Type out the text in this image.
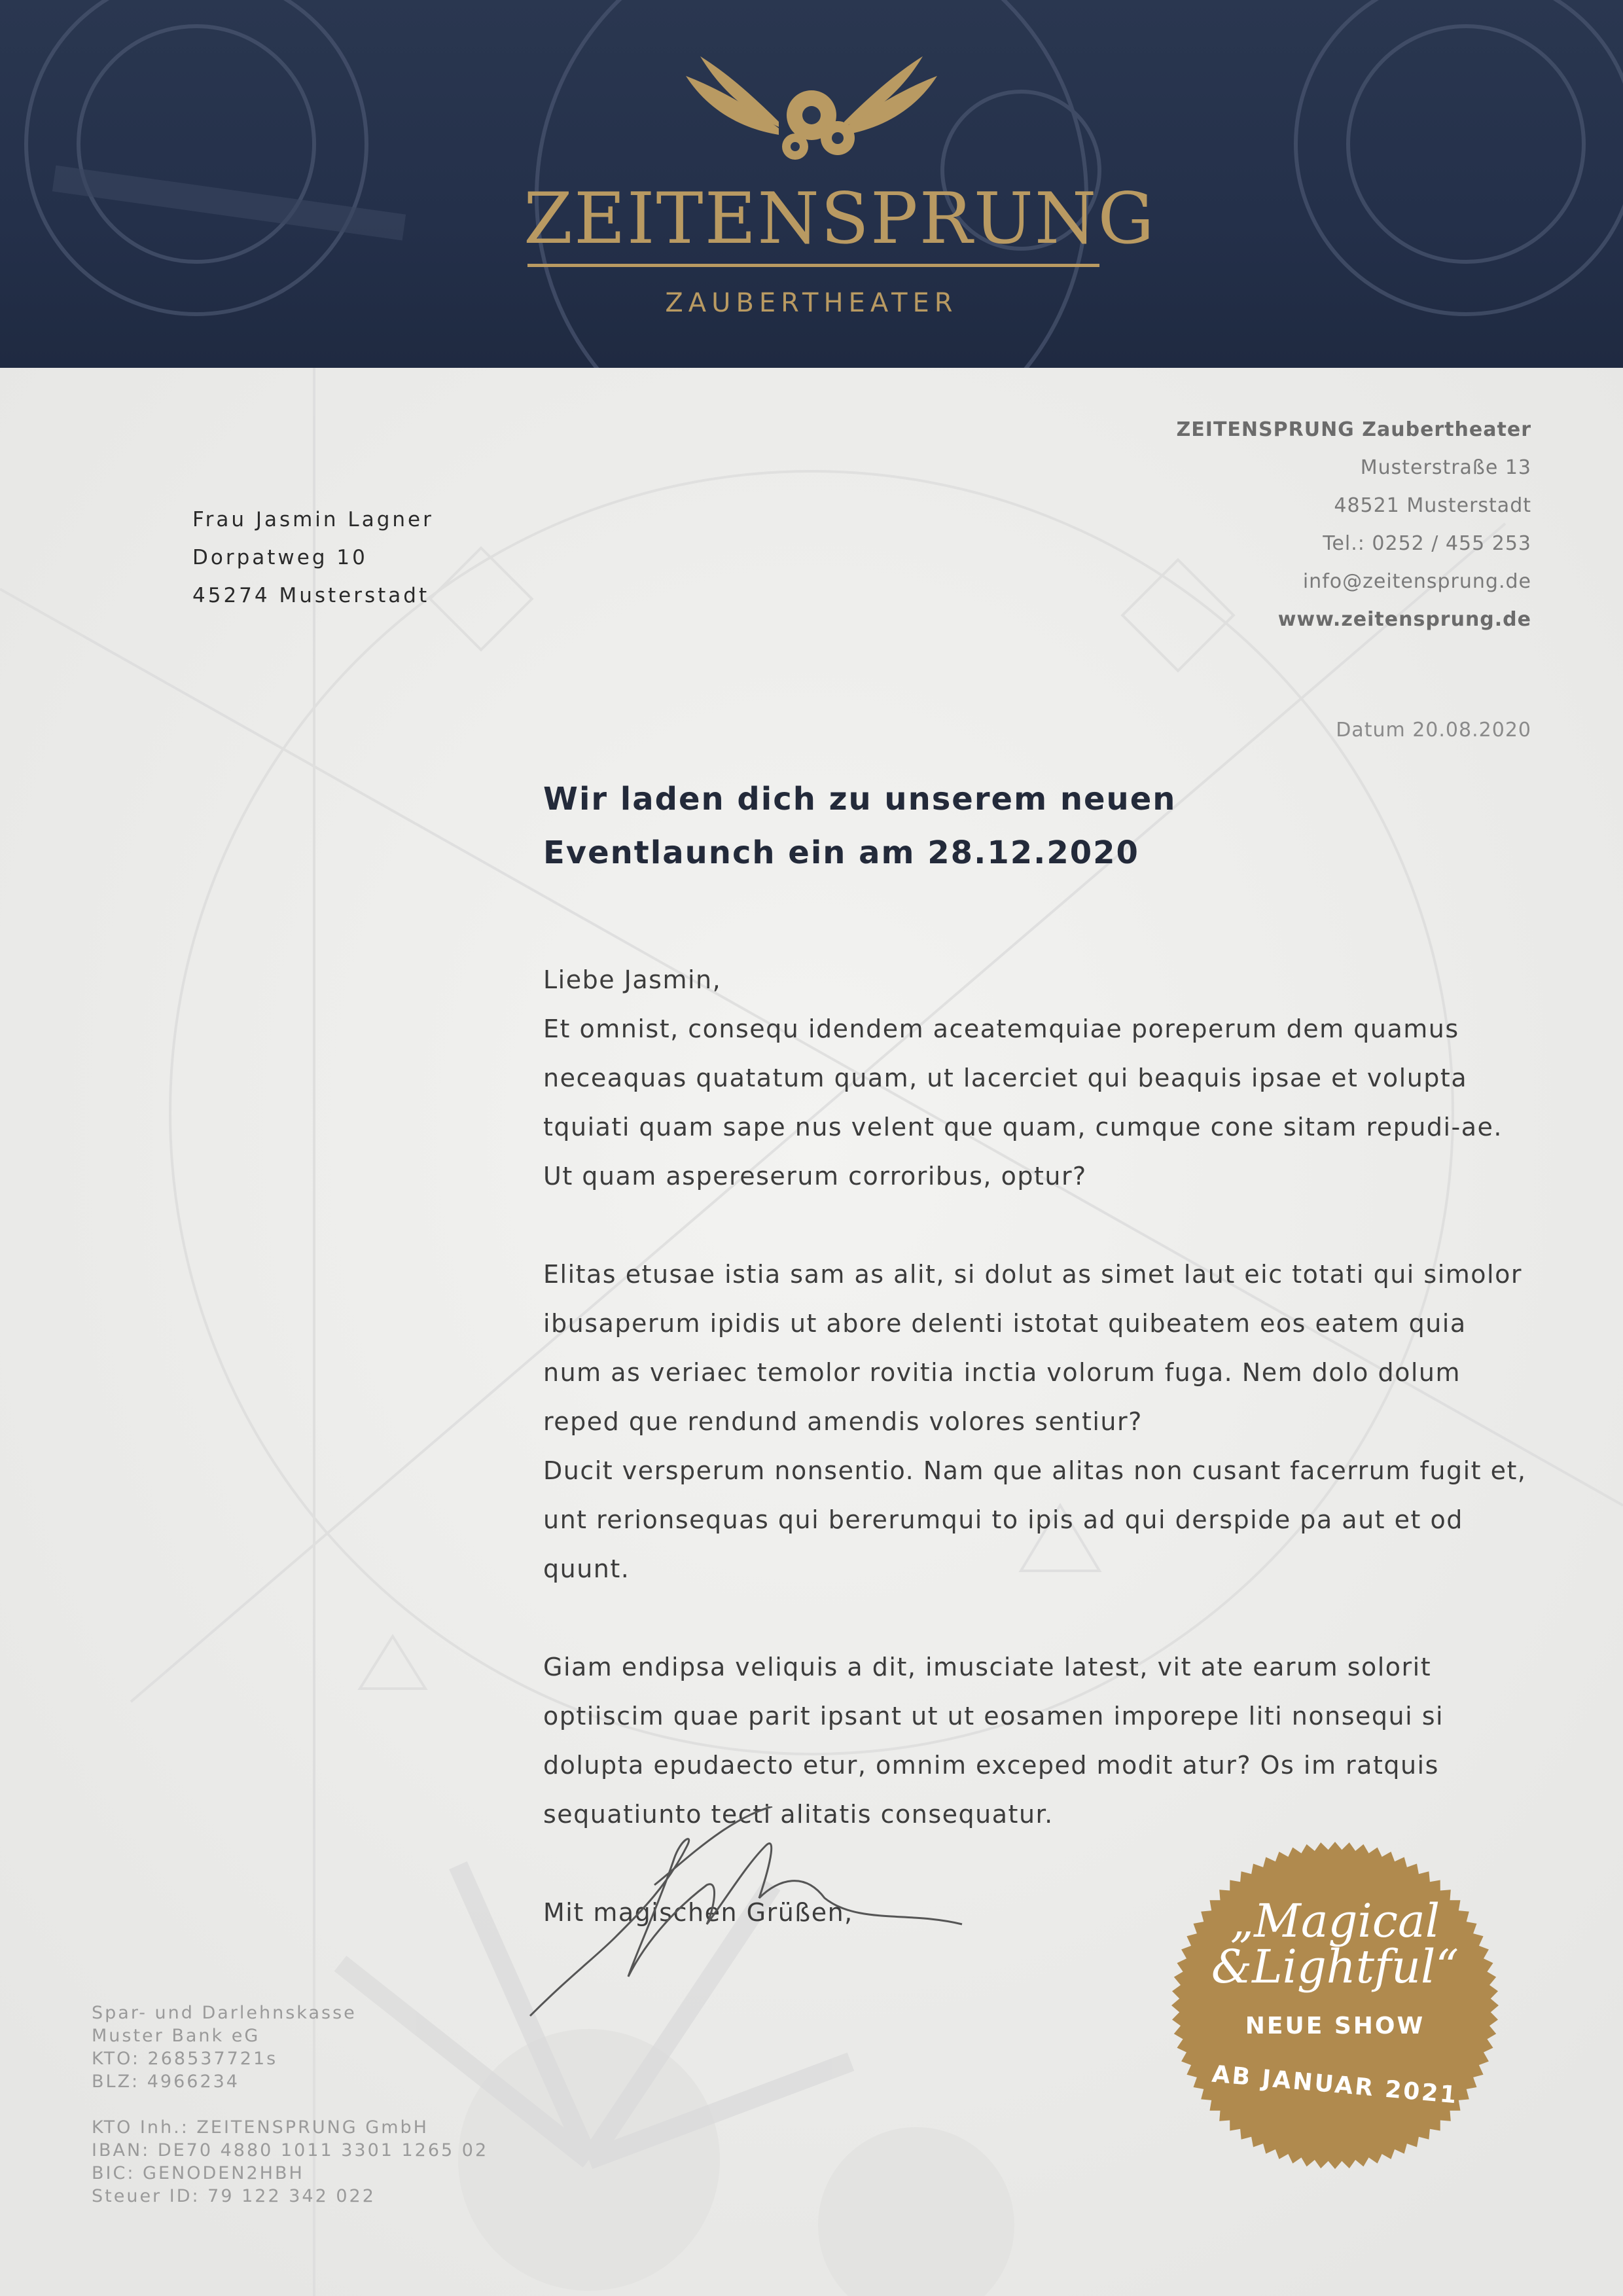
ZEITENSPRUNG
ZAUBERTHEATER
ZEITENSPRUNG Zaubertheater
Musterstraße 13
48521 Musterstadt
Tel.: 0252 / 455 253
info@zeitensprung.de
www.zeitensprung.de
Frau Jasmin Lagner
Dorpatweg 10
45274 Musterstadt
Datum 20.08.2020
Wir laden dich zu unserem neuen
Eventlaunch ein am 28.12.2020
Liebe Jasmin,

Et omnist, consequ idendem aceatemquiae poreperum dem quamus neceaquas quatatum quam, ut lacerciet qui beaquis ipsae et volupta tquiati quam sape nus velent que quam, cumque cone sitam repudi-ae. Ut quam aspereserum corroribus, optur?

Elitas etusae istia sam as alit, si dolut as simet laut eic totati qui simolor ibusaperum ipidis ut abore delenti istotat quibeatem eos eatem quia num as veriaec temolor rovitia inctia volorum fuga. Nem dolo dolum reped que rendund amendis volores sentiur?

Ducit versperum nonsentio. Nam que alitas non cusant facerrum fugit et, unt rerionsequas qui bererumqui to ipis ad qui derspide pa aut et od quunt.

Giam endipsa veliquis a dit, imusciate latest, vit ate earum solorit optiiscim quae parit ipsant ut ut eosamen imporepe liti nonsequi si dolupta epudaecto etur, omnim exceped modit atur? Os im ratquis sequatiunto tecti alitatis consequatur.

Mit magischen Grüßen,
Spar- und Darlehnskasse
Muster Bank eG
KTO: 268537721s
BLZ: 4966234
KTO Inh.: ZEITENSPRUNG GmbH
IBAN: DE70 4880 1011 3301 1265 02
BIC: GENODEN2HBH
Steuer ID: 79 122 342 022
„Magical
&Lightful“
NEUE SHOW
AB JANUAR 2021
